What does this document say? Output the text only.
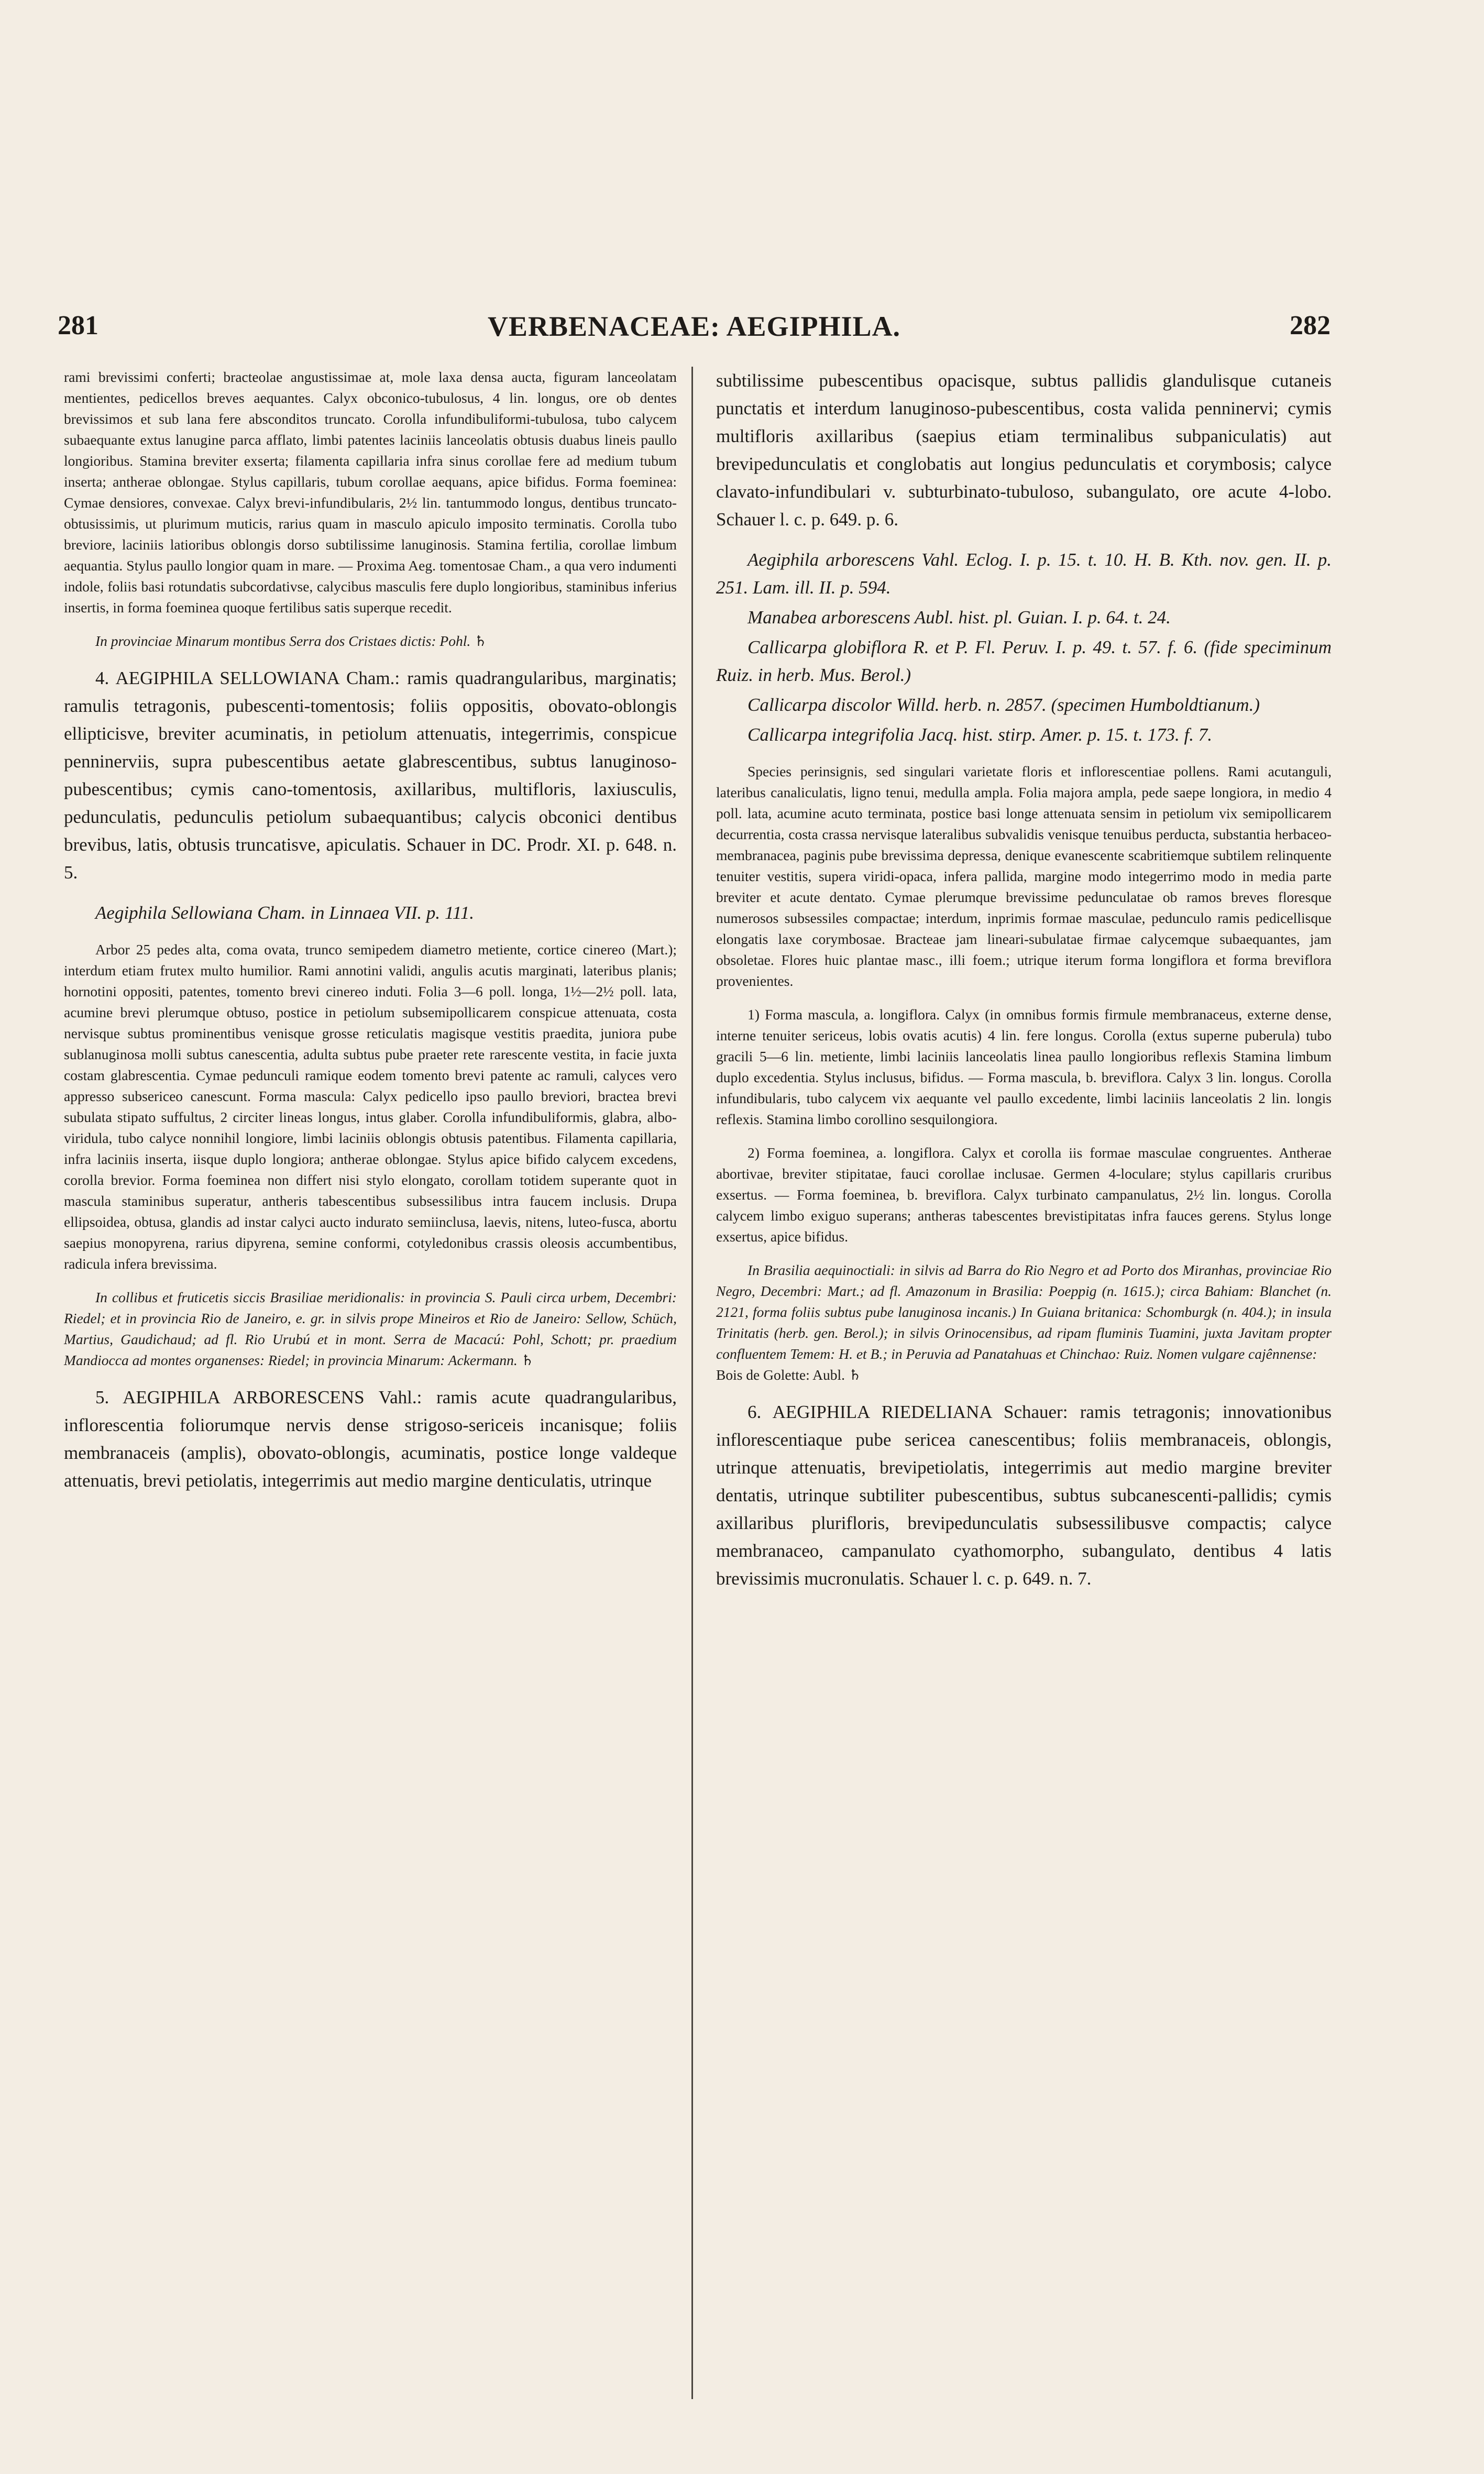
281	VERBENACEAE: AEGIPHILA.	282

rami brevissimi conferti; bracteolae angustissimae at, mole laxa densa aucta, figuram lanceolatam mentientes, pedicellos breves aequantes. Calyx obconico-tubulosus, 4 lin. longus, ore ob dentes brevissimos et sub lana fere absconditos truncato. Corolla infundibuliformi-tubulosa, tubo calycem subaequante extus lanugine parca afflato, limbi patentes laciniis lanceolatis obtusis duabus lineis paullo longioribus. Stamina breviter exserta; filamenta capillaria infra sinus corollae fere ad medium tubum inserta; antherae oblongae. Stylus capillaris, tubum corollae aequans, apice bifidus. Forma foeminea: Cymae densiores, convexae. Calyx brevi-infundibularis, 2½ lin. tantummodo longus, dentibus truncato-obtusissimis, ut plurimum muticis, rarius quam in masculo apiculo imposito terminatis. Corolla tubo breviore, laciniis latioribus oblongis dorso subtilissime lanuginosis. Stamina fertilia, corollae limbum aequantia. Stylus paullo longior quam in mare. — Proxima Aeg. tomentosae Cham., a qua vero indumenti indole, foliis basi rotundatis subcordativse, calycibus masculis fere duplo longioribus, staminibus inferius insertis, in forma foeminea quoque fertilibus satis superque recedit.

In provinciae Minarum montibus Serra dos Cristaes dictis: Pohl. ♄

4. AEGIPHILA SELLOWIANA Cham.: ramis quadrangularibus, marginatis; ramulis tetragonis, pubescenti-tomentosis; foliis oppositis, obovato-oblongis ellipticisve, breviter acuminatis, in petiolum attenuatis, integerrimis, conspicue penninerviis, supra pubescentibus aetate glabrescentibus, subtus lanuginoso-pubescentibus; cymis cano-tomentosis, axillaribus, multifloris, laxiusculis, pedunculatis, pedunculis petiolum subaequantibus; calycis obconici dentibus brevibus, latis, obtusis truncatisve, apiculatis. Schauer in DC. Prodr. XI. p. 648. n. 5.

Aegiphila Sellowiana Cham. in Linnaea VII. p. 111.

Arbor 25 pedes alta, coma ovata, trunco semipedem diametro metiente, cortice cinereo (Mart.); interdum etiam frutex multo humilior. Rami annotini validi, angulis acutis marginati, lateribus planis; hornotini oppositi, patentes, tomento brevi cinereo induti. Folia 3—6 poll. longa, 1½—2½ poll. lata, acumine brevi plerumque obtuso, postice in petiolum subsemipollicarem conspicue attenuata, costa nervisque subtus prominentibus venisque grosse reticulatis magisque vestitis praedita, juniora pube sublanuginosa molli subtus canescentia, adulta subtus pube praeter rete rarescente vestita, in facie juxta costam glabrescentia. Cymae pedunculi ramique eodem tomento brevi patente ac ramuli, calyces vero appresso subsericeo canescunt. Forma mascula: Calyx pedicello ipso paullo breviori, bractea brevi subulata stipato suffultus, 2 circiter lineas longus, intus glaber. Corolla infundibuliformis, glabra, albo-viridula, tubo calyce nonnihil longiore, limbi laciniis oblongis obtusis patentibus. Filamenta capillaria, infra laciniis inserta, iisque duplo longiora; antherae oblongae. Stylus apice bifido calycem excedens, corolla brevior. Forma foeminea non differt nisi stylo elongato, corollam totidem superante quot in mascula staminibus superatur, antheris tabescentibus subsessilibus intra faucem inclusis. Drupa ellipsoidea, obtusa, glandis ad instar calyci aucto indurato semiinclusa, laevis, nitens, luteo-fusca, abortu saepius monopyrena, rarius dipyrena, semine conformi, cotyledonibus crassis oleosis accumbentibus, radicula infera brevissima.

In collibus et fruticetis siccis Brasiliae meridionalis: in provincia S. Pauli circa urbem, Decembri: Riedel; et in provincia Rio de Janeiro, e. gr. in silvis prope Mineiros et Rio de Janeiro: Sellow, Schüch, Martius, Gaudichaud; ad fl. Rio Urubú et in mont. Serra de Macacú: Pohl, Schott; pr. praedium Mandiocca ad montes organenses: Riedel; in provincia Minarum: Ackermann. ♄

5. AEGIPHILA ARBORESCENS Vahl.: ramis acute quadrangularibus, inflorescentia foliorumque nervis dense strigoso-sericeis incanisque; foliis membranaceis (amplis), obovato-oblongis, acuminatis, postice longe valdeque attenuatis, brevi petiolatis, integerrimis aut medio margine denticulatis, utrinque

subtilissime pubescentibus opacisque, subtus pallidis glandulisque cutaneis punctatis et interdum lanuginoso-pubescentibus, costa valida penninervi; cymis multifloris axillaribus (saepius etiam terminalibus subpaniculatis) aut brevipedunculatis et conglobatis aut longius pedunculatis et corymbosis; calyce clavato-infundibulari v. subturbinato-tubuloso, subangulato, ore acute 4-lobo. Schauer l. c. p. 649. p. 6.

Aegiphila arborescens Vahl. Eclog. I. p. 15. t. 10. H. B. Kth. nov. gen. II. p. 251. Lam. ill. II. p. 594.

Manabea arborescens Aubl. hist. pl. Guian. I. p. 64. t. 24.

Callicarpa globiflora R. et P. Fl. Peruv. I. p. 49. t. 57. f. 6. (fide speciminum Ruiz. in herb. Mus. Berol.)

Callicarpa discolor Willd. herb. n. 2857. (specimen Humboldtianum.)

Callicarpa integrifolia Jacq. hist. stirp. Amer. p. 15. t. 173. f. 7.

Species perinsignis, sed singulari varietate floris et inflorescentiae pollens. Rami acutanguli, lateribus canaliculatis, ligno tenui, medulla ampla. Folia majora ampla, pede saepe longiora, in medio 4 poll. lata, acumine acuto terminata, postice basi longe attenuata sensim in petiolum vix semipollicarem decurrentia, costa crassa nervisque lateralibus subvalidis venisque tenuibus perducta, substantia herbaceo-membranacea, paginis pube brevissima depressa, denique evanescente scabritiemque subtilem relinquente tenuiter vestitis, supera viridi-opaca, infera pallida, margine modo integerrimo modo in media parte breviter et acute dentato. Cymae plerumque brevissime pedunculatae ob ramos breves floresque numerosos subsessiles compactae; interdum, inprimis formae masculae, pedunculo ramis pedicellisque elongatis laxe corymbosae. Bracteae jam lineari-subulatae firmae calycemque subaequantes, jam obsoletae. Flores huic plantae masc., illi foem.; utrique iterum forma longiflora et forma breviflora provenientes.

1) Forma mascula, a. longiflora. Calyx (in omnibus formis firmule membranaceus, externe dense, interne tenuiter sericeus, lobis ovatis acutis) 4 lin. fere longus. Corolla (extus superne puberula) tubo gracili 5—6 lin. metiente, limbi laciniis lanceolatis linea paullo longioribus reflexis Stamina limbum duplo excedentia. Stylus inclusus, bifidus. — Forma mascula, b. breviflora. Calyx 3 lin. longus. Corolla infundibularis, tubo calycem vix aequante vel paullo excedente, limbi laciniis lanceolatis 2 lin. longis reflexis. Stamina limbo corollino sesquilongiora.

2) Forma foeminea, a. longiflora. Calyx et corolla iis formae masculae congruentes. Antherae abortivae, breviter stipitatae, fauci corollae inclusae. Germen 4-loculare; stylus capillaris cruribus exsertus. — Forma foeminea, b. breviflora. Calyx turbinato campanulatus, 2½ lin. longus. Corolla calycem limbo exiguo superans; antheras tabescentes brevistipitatas infra fauces gerens. Stylus longe exsertus, apice bifidus.

In Brasilia aequinoctiali: in silvis ad Barra do Rio Negro et ad Porto dos Miranhas, provinciae Rio Negro, Decembri: Mart.; ad fl. Amazonum in Brasilia: Poeppig (n. 1615.); circa Bahiam: Blanchet (n. 2121, forma foliis subtus pube lanuginosa incanis.) In Guiana britanica: Schomburgk (n. 404.); in insula Trinitatis (herb. gen. Berol.); in silvis Orinocensibus, ad ripam fluminis Tuamini, juxta Javitam propter confluentem Temem: H. et B.; in Peruvia ad Panatahuas et Chinchao: Ruiz. Nomen vulgare cajênnense:

Bois de Golette: Aubl. ♄

6. AEGIPHILA RIEDELIANA Schauer: ramis tetragonis; innovationibus inflorescentiaque pube sericea canescentibus; foliis membranaceis, oblongis, utrinque attenuatis, brevipetiolatis, integerrimis aut medio margine breviter dentatis, utrinque subtiliter pubescentibus, subtus subcanescenti-pallidis; cymis axillaribus plurifloris, brevipedunculatis subsessilibusve compactis; calyce membranaceo, campanulato cyathomorpho, subangulato, dentibus 4 latis brevissimis mucronulatis. Schauer l. c. p. 649. n. 7.
